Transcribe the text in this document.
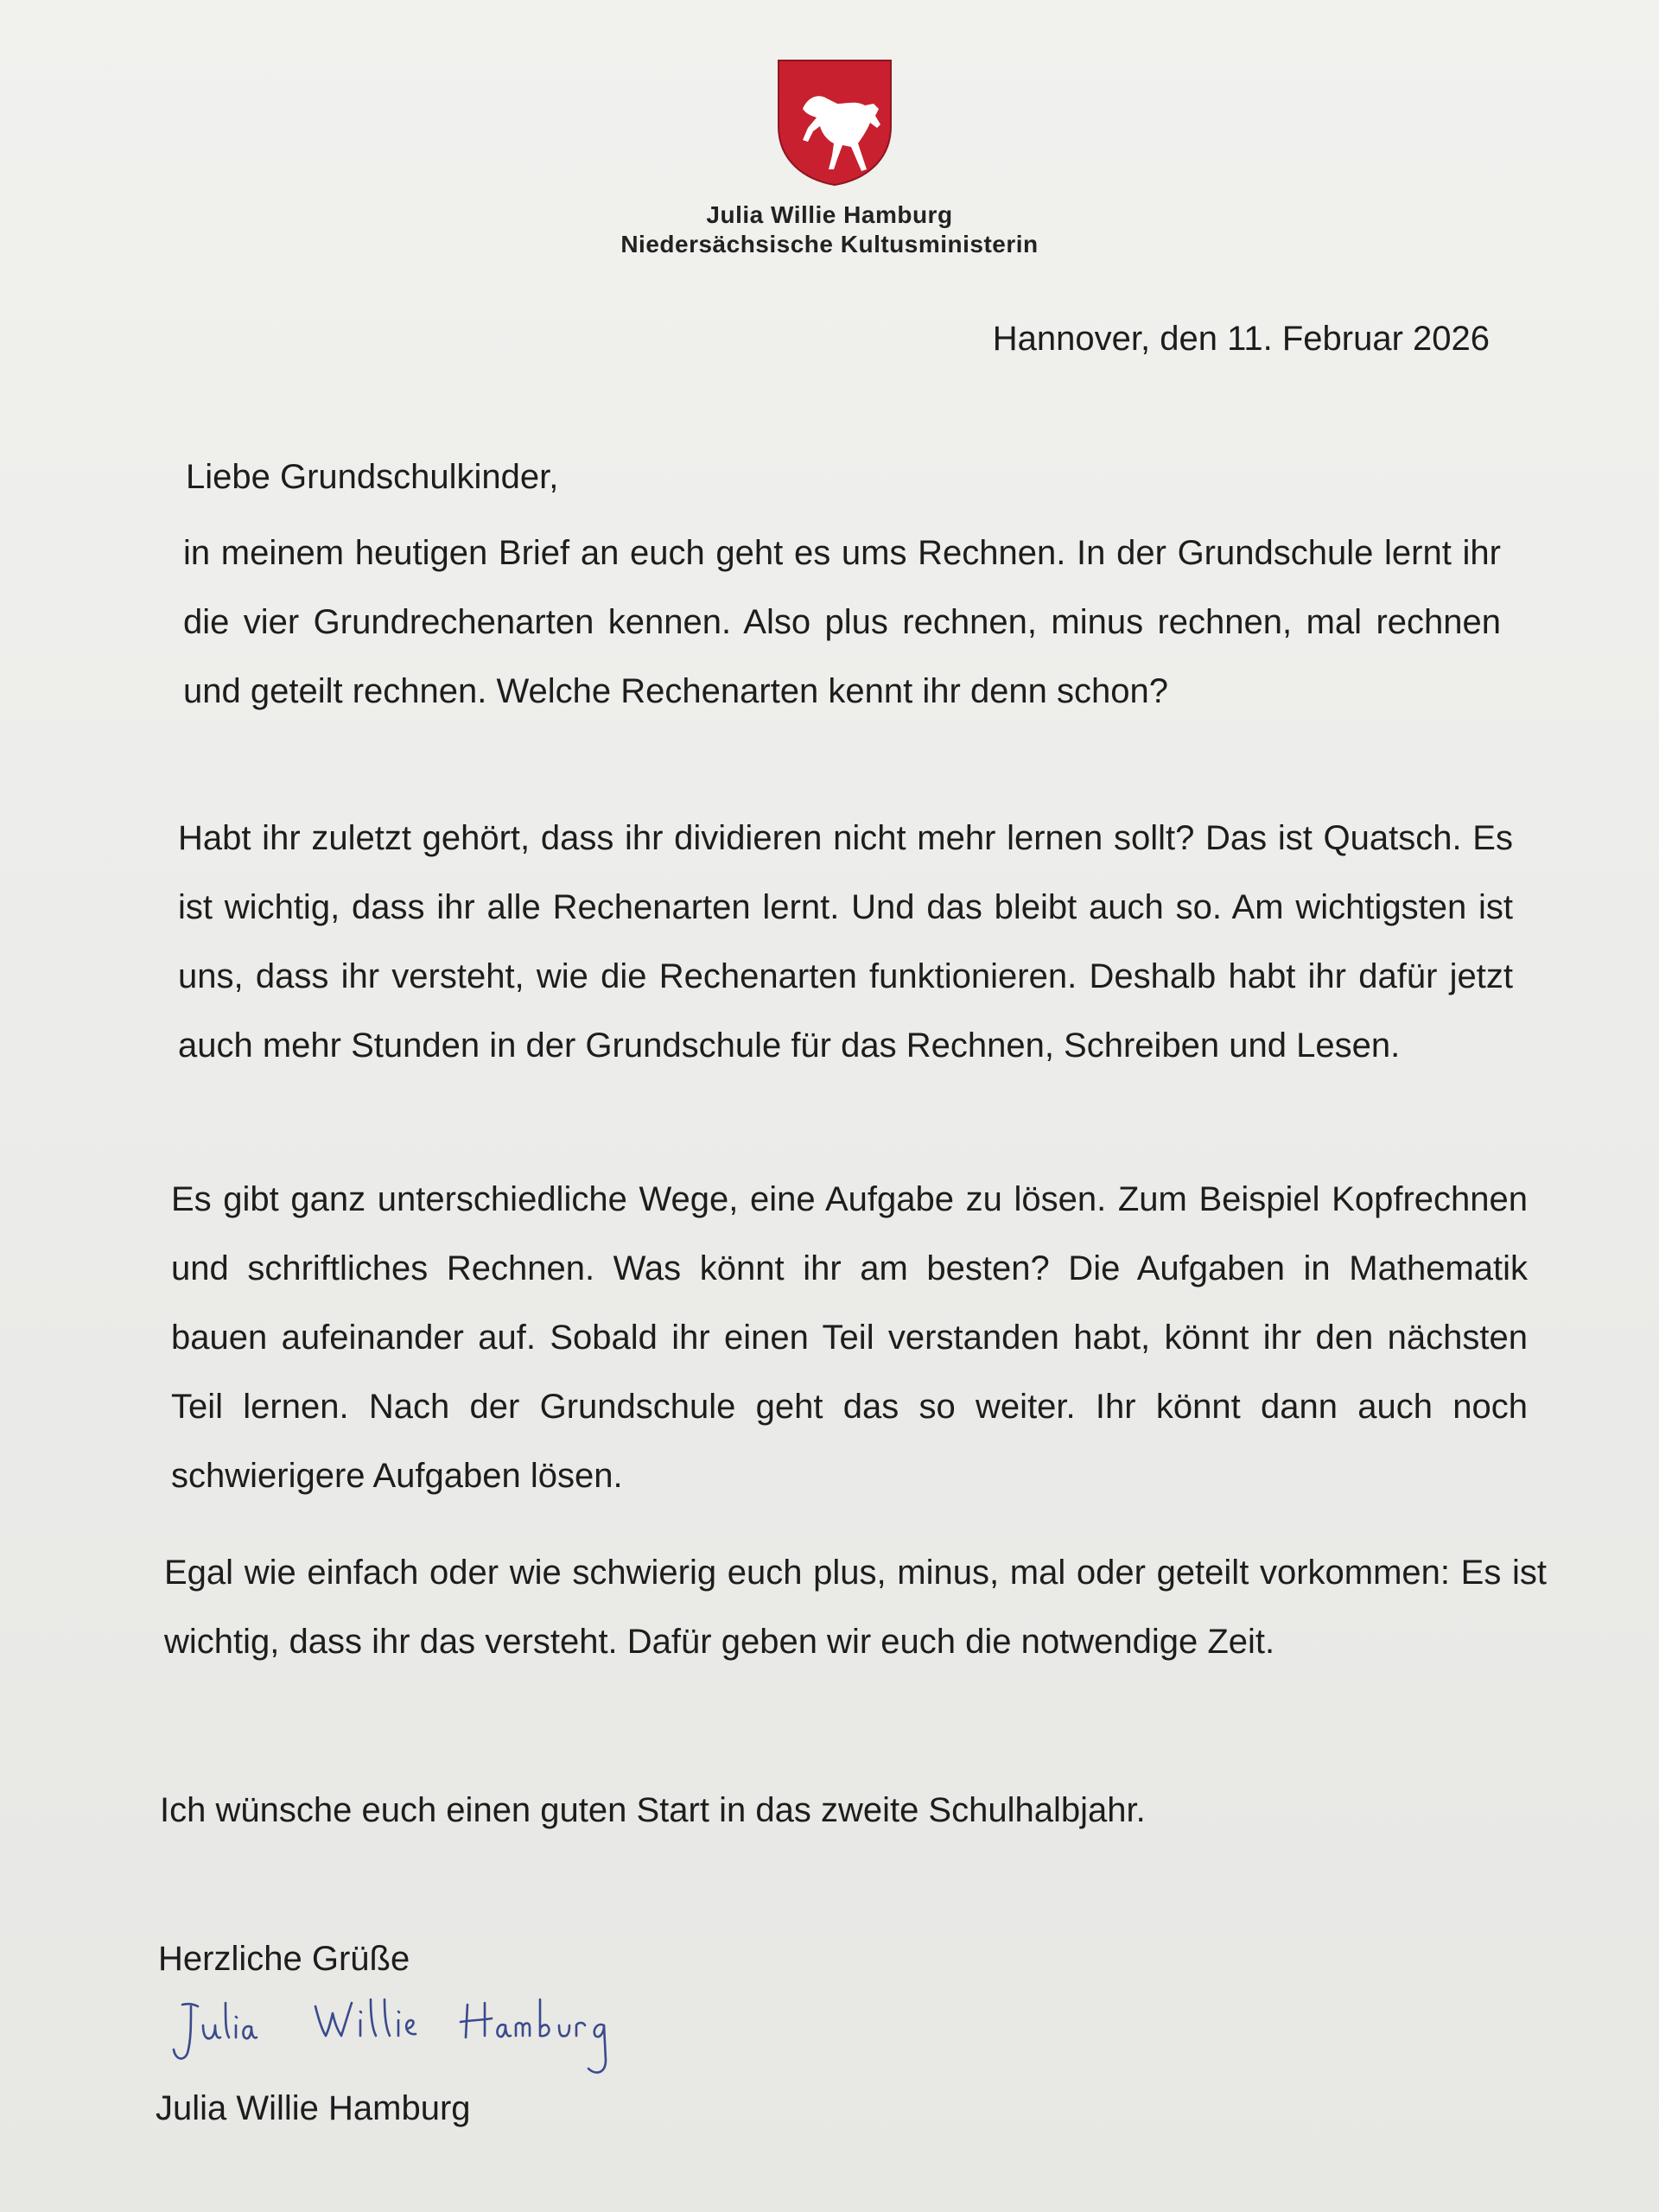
Julia Willie Hamburg
Niedersächsische Kultusministerin
Hannover, den 11. Februar 2026
Liebe Grundschulkinder,

in meinem heutigen Brief an euch geht es ums Rechnen. In der Grundschule lernt ihr die vier Grundrechenarten kennen. Also plus rechnen, minus rechnen, mal rechnen und geteilt rechnen. Welche Rechenarten kennt ihr denn schon?

Habt ihr zuletzt gehört, dass ihr dividieren nicht mehr lernen sollt? Das ist Quatsch. Es ist wichtig, dass ihr alle Rechenarten lernt. Und das bleibt auch so. Am wichtigsten ist uns, dass ihr versteht, wie die Rechenarten funktionieren. Deshalb habt ihr dafür jetzt auch mehr Stunden in der Grundschule für das Rechnen, Schreiben und Lesen.

Es gibt ganz unterschiedliche Wege, eine Aufgabe zu lösen. Zum Beispiel Kopfrechnen und schriftliches Rechnen. Was könnt ihr am besten? Die Aufgaben in Mathematik bauen aufeinander auf. Sobald ihr einen Teil verstanden habt, könnt ihr den nächsten Teil lernen. Nach der Grundschule geht das so weiter. Ihr könnt dann auch noch schwierigere Aufgaben lösen.

Egal wie einfach oder wie schwierig euch plus, minus, mal oder geteilt vorkommen: Es ist wichtig, dass ihr das versteht. Dafür geben wir euch die notwendige Zeit.

Ich wünsche euch einen guten Start in das zweite Schulhalbjahr.

Herzliche Grüße
Julia Willie Hamburg
